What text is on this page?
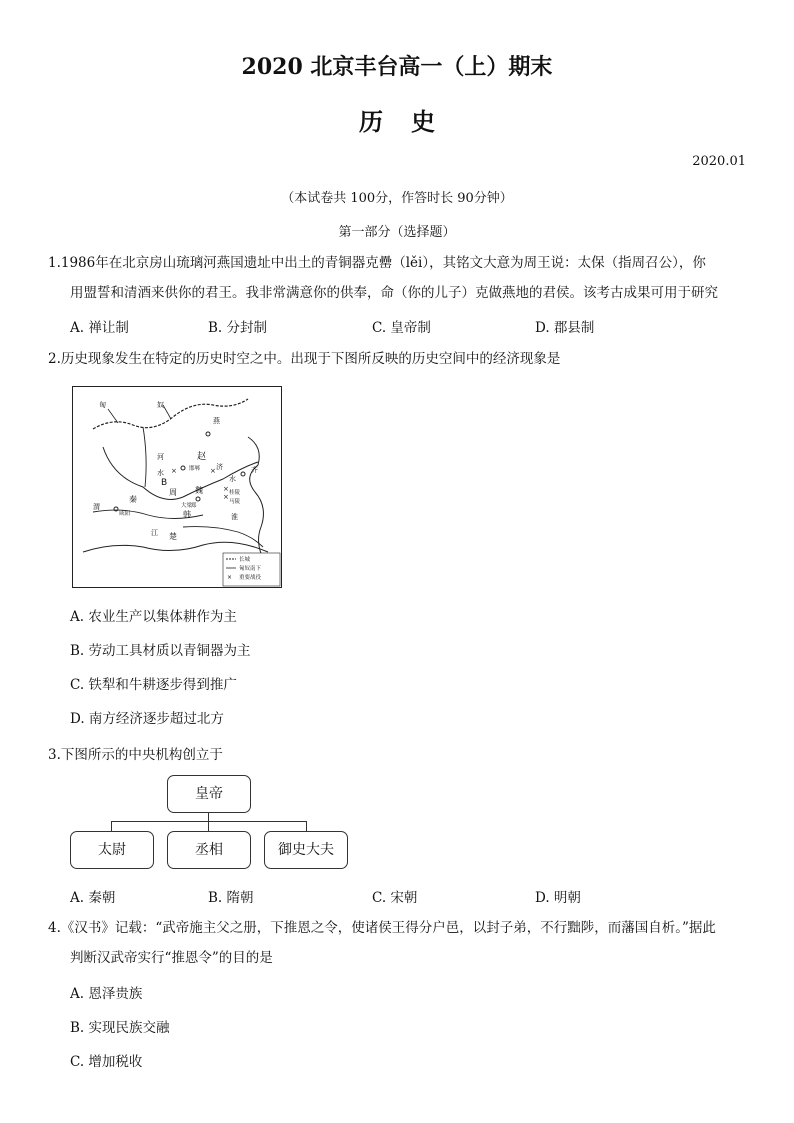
2020 北京丰台高一（上）期末
历史
2020.01
（本试卷共 100分，作答时长 90分钟）
第一部分（选择题）
1.1986年在北京房山琉璃河燕国遗址中出土的青铜器克罍（lěi），其铭文大意为周王说：太保（指周召公），你
用盟誓和清酒来供你的君王。我非常满意你的供奉，命（你的儿子）克做燕地的君侯。该考古成果可用于研究
A. 禅让制	B. 分封制	C. 皇帝制	D. 郡县制
2.历史现象发生在特定的历史时空之中。出现于下图所反映的历史空间中的经济现象是
×
×
×
×
匈	奴
燕
赵
河
水	邯郸 济	齐
B
周 魏
秦
咸阳
郑
大梁
桂陵
马陵
韩
水
淮
渭
江 楚
长城
匈奴南下
× 重要战役
A. 农业生产以集体耕作为主
B. 劳动工具材质以青铜器为主
C. 铁犁和牛耕逐步得到推广
D. 南方经济逐步超过北方
3.下图所示的中央机构创立于
皇帝
太尉	丞相	御史大夫
A. 秦朝	B. 隋朝	C. 宋朝	D. 明朝
4.《汉书》记载：“武帝施主父之册，下推恩之令，使诸侯王得分户邑，以封子弟，不行黜陟，而藩国自析。”据此
判断汉武帝实行“推恩令”的目的是
A. 恩泽贵族
B. 实现民族交融
C. 增加税收
